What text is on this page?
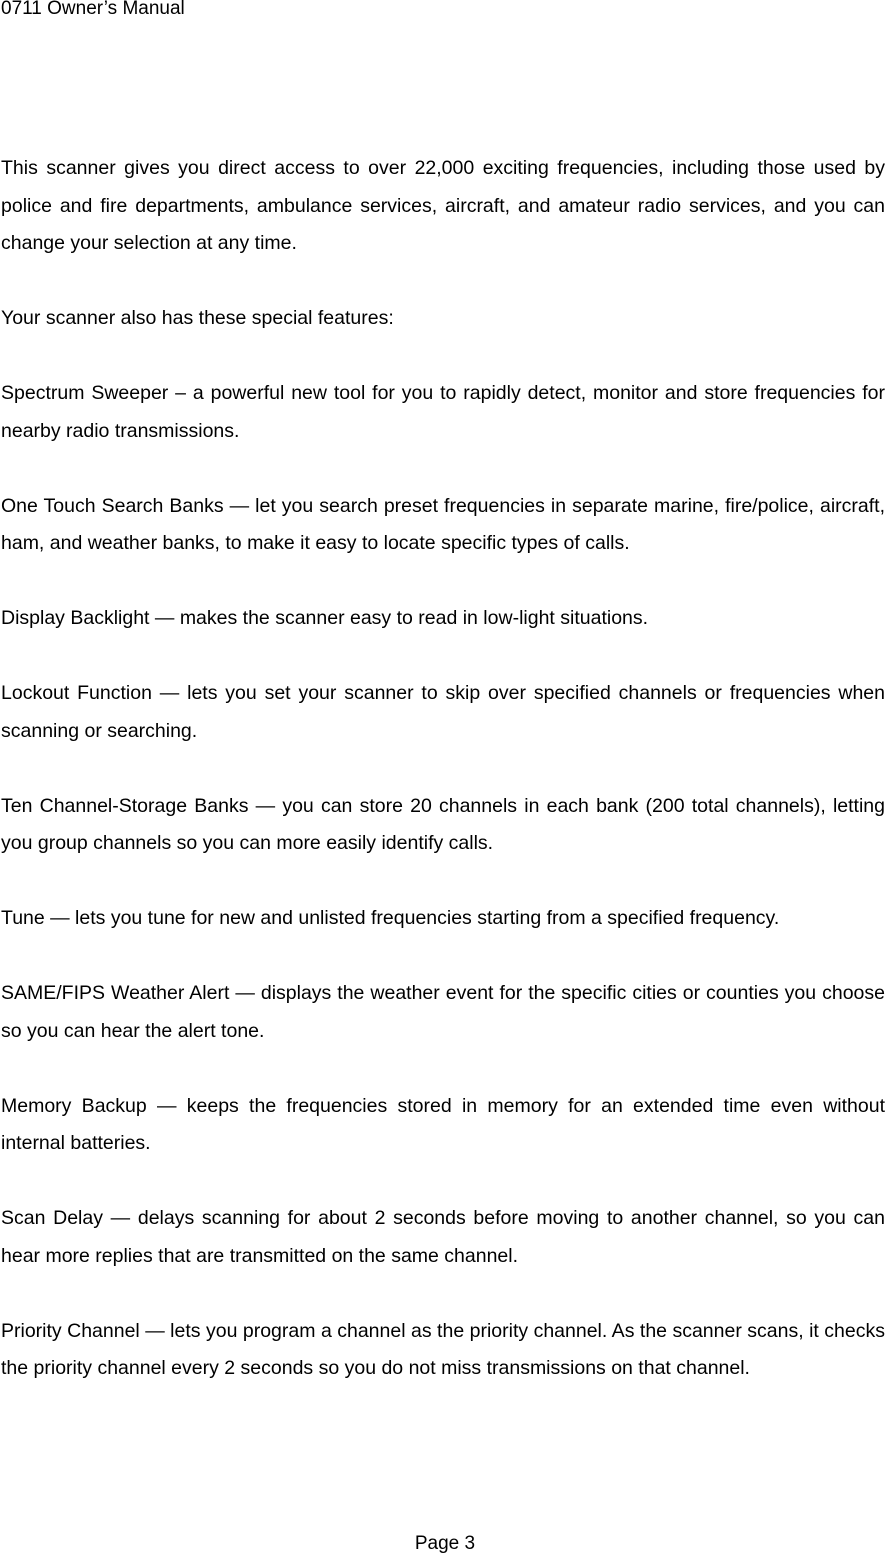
0711 Owner’s Manual

This scanner gives you direct access to over 22,000 exciting frequencies, including those used by police and fire departments, ambulance services, aircraft, and amateur radio services, and you can change your selection at any time.

Your scanner also has these special features:

Spectrum Sweeper – a powerful new tool for you to rapidly detect, monitor and store frequencies for nearby radio transmissions.

One Touch Search Banks — let you search preset frequencies in separate marine, fire/police, aircraft, ham, and weather banks, to make it easy to locate specific types of calls.

Display Backlight — makes the scanner easy to read in low-light situations.

Lockout Function — lets you set your scanner to skip over specified channels or frequencies when scanning or searching.

Ten Channel-Storage Banks — you can store 20 channels in each bank (200 total channels), letting you group channels so you can more easily identify calls.

Tune — lets you tune for new and unlisted frequencies starting from a specified frequency.

SAME/FIPS Weather Alert — displays the weather event for the specific cities or counties you choose so you can hear the alert tone.

Memory Backup — keeps the frequencies stored in memory for an extended time even without internal batteries.

Scan Delay — delays scanning for about 2 seconds before moving to another channel, so you can hear more replies that are transmitted on the same channel.

Priority Channel — lets you program a channel as the priority channel. As the scanner scans, it checks the priority channel every 2 seconds so you do not miss transmissions on that channel.

Page 3
